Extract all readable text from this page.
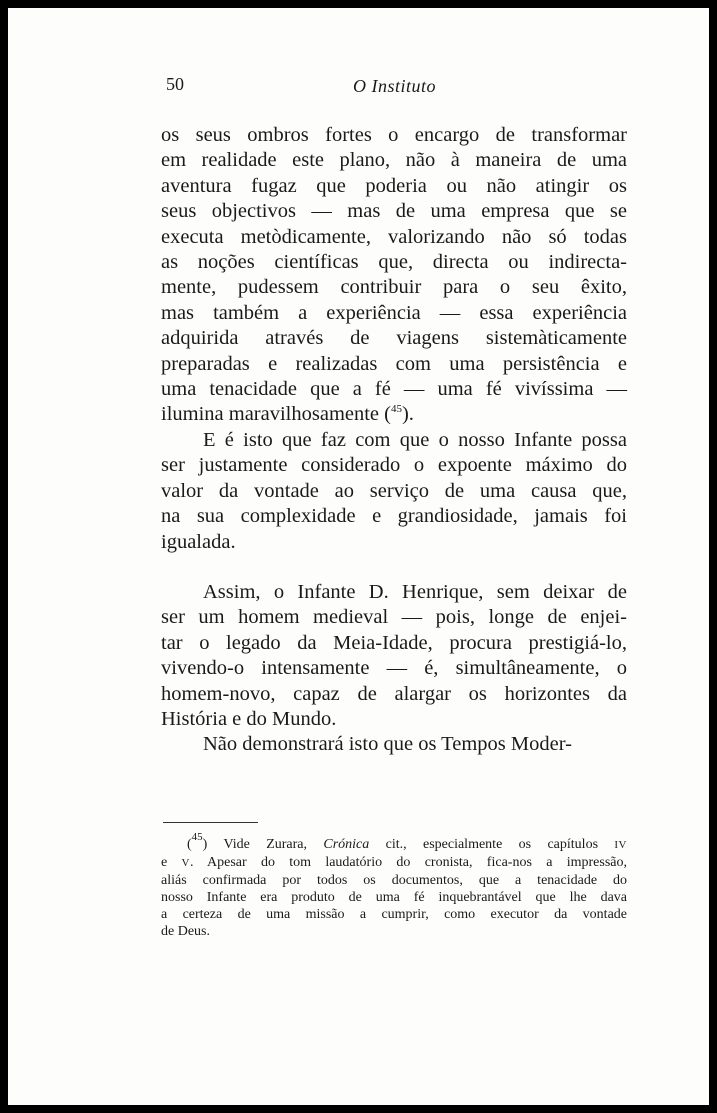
50	O Instituto

os seus ombros fortes o encargo de transformar
em realidade este plano, não à maneira de uma
aventura fugaz que poderia ou não atingir os
seus objectivos — mas de uma empresa que se
executa metòdicamente, valorizando não só todas
as noções científicas que, directa ou indirecta-
mente, pudessem contribuir para o seu êxito,
mas também a experiência — essa experiência
adquirida através de viagens sistemàticamente
preparadas e realizadas com uma persistência e
uma tenacidade que a fé — uma fé vivíssima —
ilumina maravilhosamente ($^{45}$).

E é isto que faz com que o nosso Infante possa
ser justamente considerado o expoente máximo do
valor da vontade ao serviço de uma causa que,
na sua complexidade e grandiosidade, jamais foi
igualada.

Assim, o Infante D. Henrique, sem deixar de
ser um homem medieval — pois, longe de enjei-
tar o legado da Meia-Idade, procura prestigiá-lo,
vivendo-o intensamente — é, simultâneamente, o
homem-novo, capaz de alargar os horizontes da
História e do Mundo.

Não demonstrará isto que os Tempos Moder-

($^{45}$) Vide Zurara, Crónica cit., especialmente os capítulos IV
e V. Apesar do tom laudatório do cronista, fica-nos a impressão,
aliás confirmada por todos os documentos, que a tenacidade do
nosso Infante era produto de uma fé inquebrantável que lhe dava
a certeza de uma missão a cumprir, como executor da vontade
de Deus.
